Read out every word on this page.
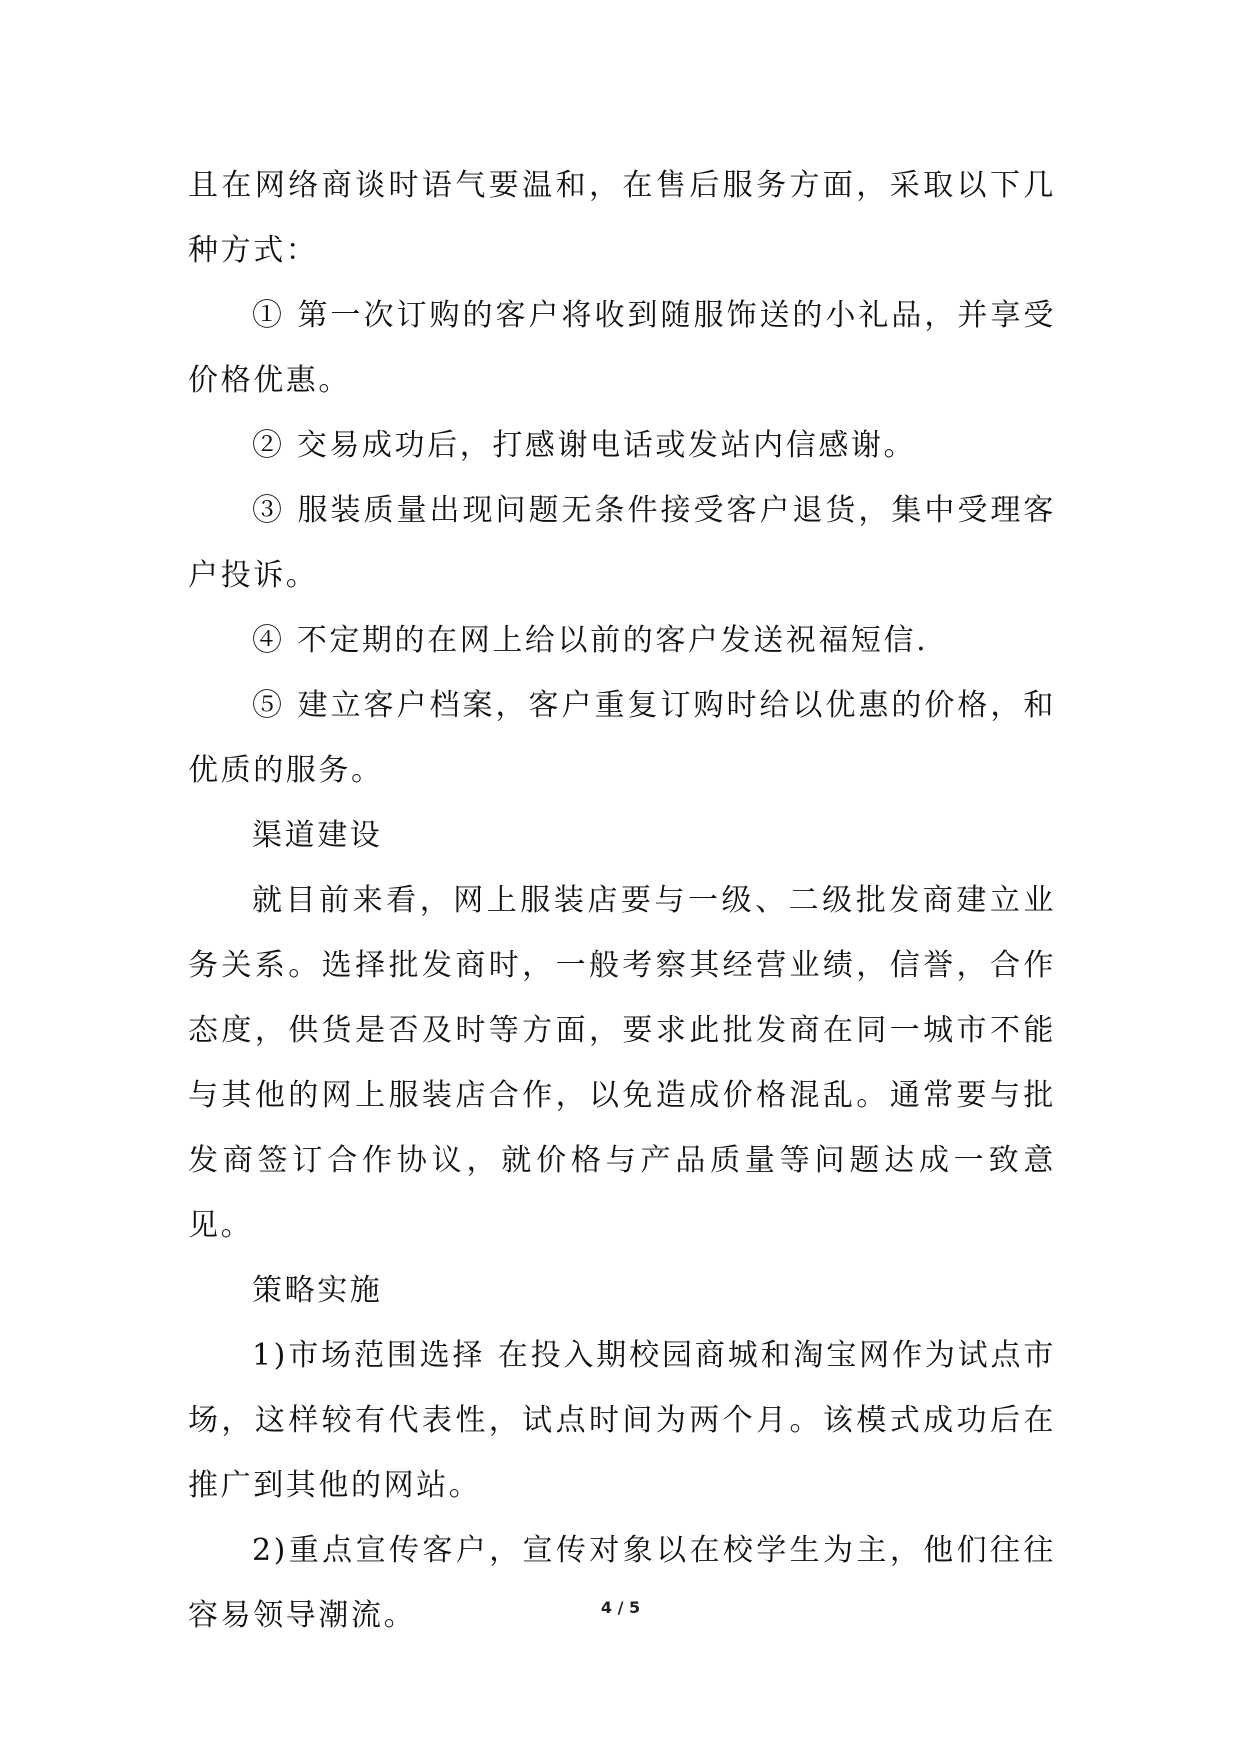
且在网络商谈时语气要温和，在售后服务方面，采取以下几种方式：

① 第一次订购的客户将收到随服饰送的小礼品，并享受价格优惠。

② 交易成功后，打感谢电话或发站内信感谢。

③ 服装质量出现问题无条件接受客户退货，集中受理客户投诉。

④ 不定期的在网上给以前的客户发送祝福短信.

⑤ 建立客户档案，客户重复订购时给以优惠的价格，和优质的服务。

渠道建设

就目前来看，网上服装店要与一级、二级批发商建立业务关系。选择批发商时，一般考察其经营业绩，信誉，合作态度，供货是否及时等方面，要求此批发商在同一城市不能与其他的网上服装店合作，以免造成价格混乱。通常要与批发商签订合作协议，就价格与产品质量等问题达成一致意见。

策略实施

1)市场范围选择 在投入期校园商城和淘宝网作为试点市场，这样较有代表性，试点时间为两个月。该模式成功后在推广到其他的网站。

2)重点宣传客户，宣传对象以在校学生为主，他们往往容易领导潮流。	4 / 5
